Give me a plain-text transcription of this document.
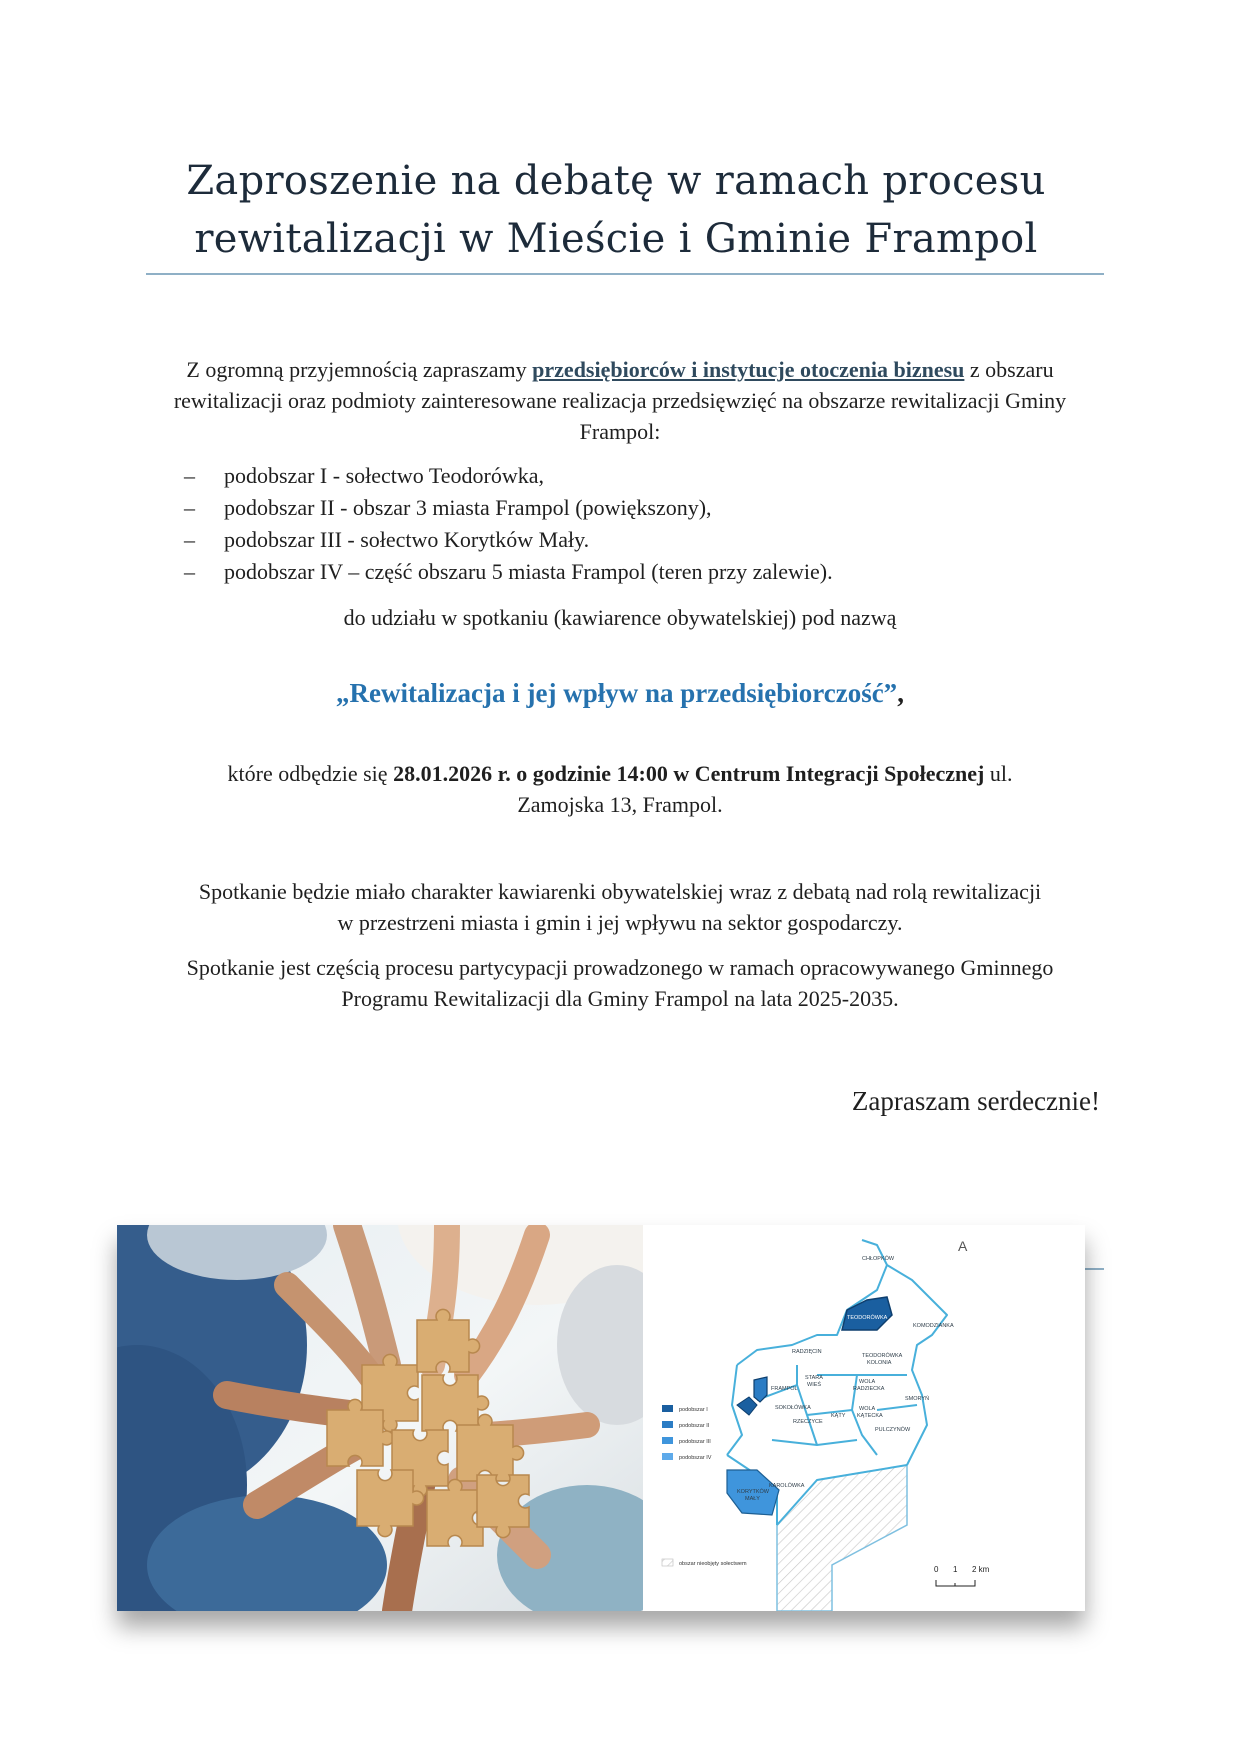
Zaproszenie na debatę w ramach procesu
rewitalizacji w Mieście i Gminie Frampol
Z ogromną przyjemnością zapraszamy przedsiębiorców i instytucje otoczenia biznesu z obszaru rewitalizacji oraz podmioty zainteresowane realizacja przedsięwzięć na obszarze rewitalizacji Gminy Frampol:
– podobszar I - sołectwo Teodorówka,
– podobszar II - obszar 3 miasta Frampol (powiększony),
– podobszar III - sołectwo Korytków Mały.
– podobszar IV – część obszaru 5 miasta Frampol (teren przy zalewie).
do udziału w spotkaniu (kawiarence obywatelskiej) pod nazwą
„Rewitalizacja i jej wpływ na przedsiębiorczość”,
które odbędzie się 28.01.2026 r. o godzinie 14:00 w Centrum Integracji Społecznej ul.
Zamojska 13, Frampol.
Spotkanie będzie miało charakter kawiarenki obywatelskiej wraz z debatą nad rolą rewitalizacji w przestrzeni miasta i gmin i jej wpływu na sektor gospodarczy.
Spotkanie jest częścią procesu partycypacji prowadzonego w ramach opracowywanego Gminnego Programu Rewitalizacji dla Gminy Frampol na lata 2025-2035.
Zapraszam serdecznie!
A
CHŁOPKÓW
TEODORÓWKA
KOMODZIANKA
RADZIĘCIN
TEODORÓWKA
KOLONIA
STARA
WIEŚ
FRAMPOL
WOLA
RADZIECKA
SMORYŃ
SOKOŁÓWKA
KĄTY
WOLA
KĄTECKA
RZECZYCE
PULCZYNÓW
KORYTKÓW
MAŁY
KAROLÓWKA
podobszar I
podobszar II
podobszar III
podobszar IV
obszar nieobjęty sołectwem
0 1 2 km
